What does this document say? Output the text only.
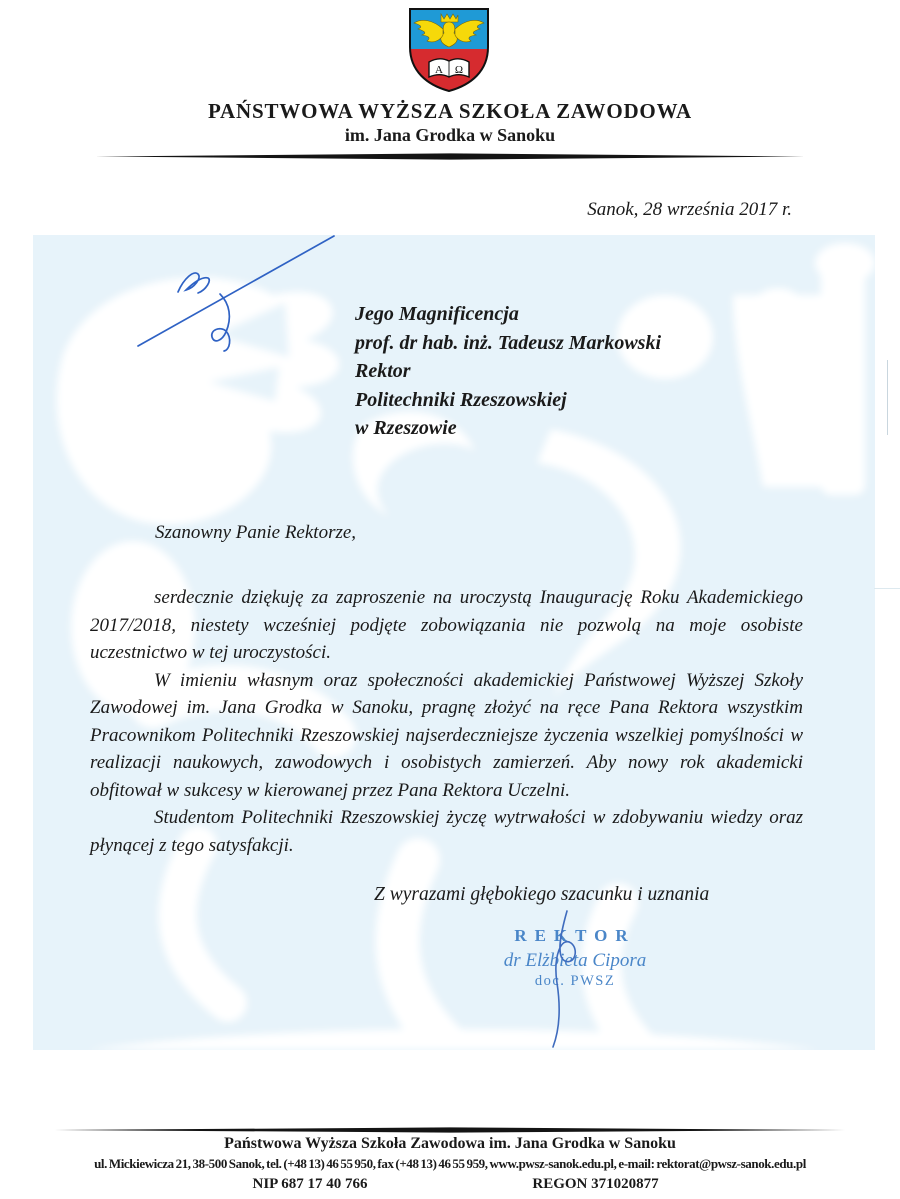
Α Ω
PAŃSTWOWA WYŻSZA SZKOŁA ZAWODOWA
im. Jana Grodka w Sanoku
Sanok, 28 września 2017 r.
Jego Magnificencja
prof. dr hab. inż. Tadeusz Markowski
Rektor
Politechniki Rzeszowskiej
w Rzeszowie
Szanowny Panie Rektorze,

serdecznie dziękuję za zaproszenie na uroczystą Inaugurację Roku Akademickiego 2017/2018, niestety wcześniej podjęte zobowiązania nie pozwolą na moje osobiste uczestnictwo w tej uroczystości.

W imieniu własnym oraz społeczności akademickiej Państwowej Wyższej Szkoły Zawodowej im. Jana Grodka w Sanoku, pragnę złożyć na ręce Pana Rektora wszystkim Pracownikom Politechniki Rzeszowskiej najserdeczniejsze życzenia wszelkiej pomyślności w realizacji naukowych, zawodowych i osobistych zamierzeń. Aby nowy rok akademicki obfitował w sukcesy w kierowanej przez Pana Rektora Uczelni.

Studentom Politechniki Rzeszowskiej życzę wytrwałości w zdobywaniu wiedzy oraz płynącej z tego satysfakcji.

Z wyrazami głębokiego szacunku i uznania
REKTOR
dr Elżbieta Cipora
doc. PWSZ
Państwowa Wyższa Szkoła Zawodowa im. Jana Grodka w Sanoku
ul. Mickiewicza 21, 38-500 Sanok, tel. (+48 13) 46 55 950, fax (+48 13) 46 55 959, www.pwsz-sanok.edu.pl, e-mail: rektorat@pwsz-sanok.edu.pl
NIP 687 17 40 766	REGON 371020877
